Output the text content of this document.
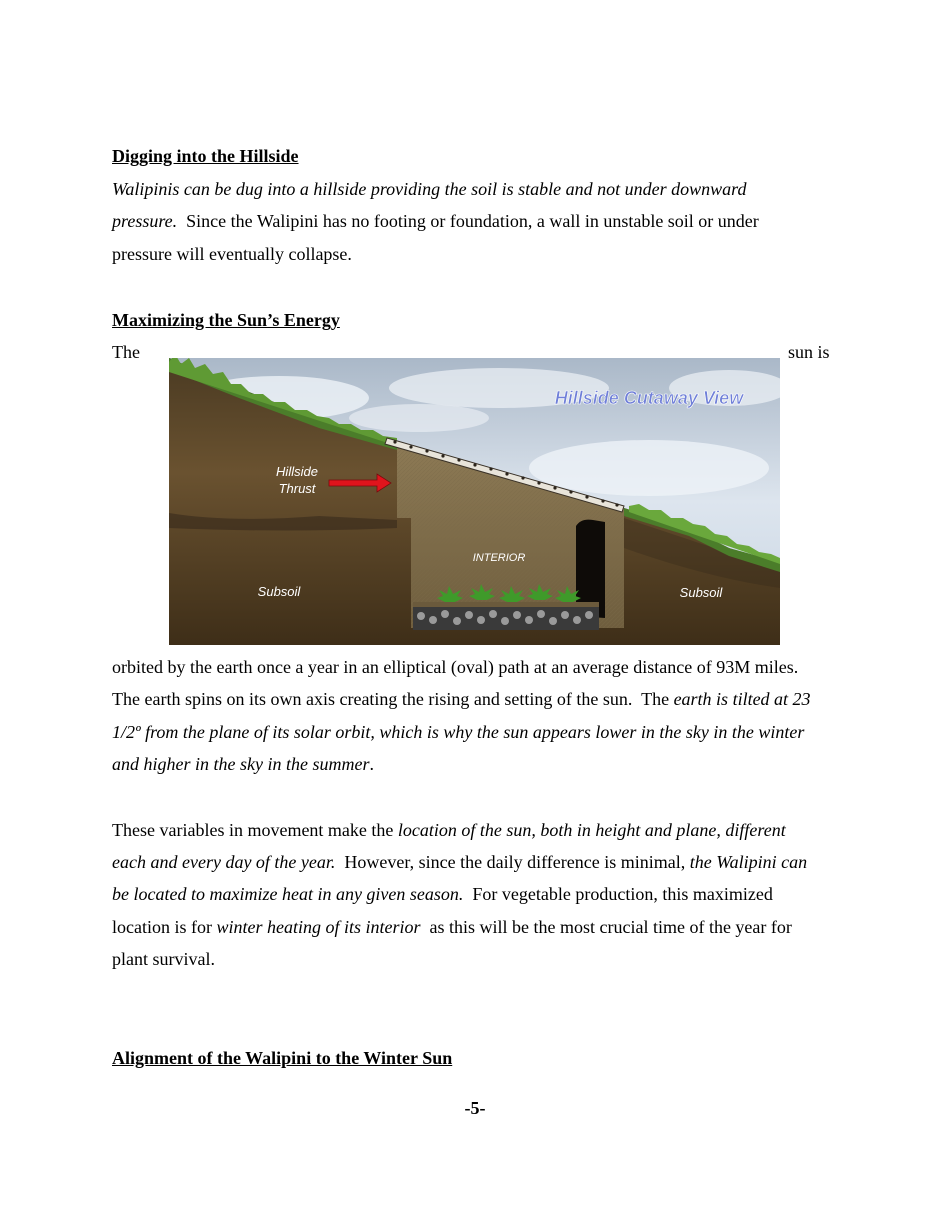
Digging into the Hillside
Walipinis can be dug into a hillside providing the soil is stable and not under downward
pressure.  Since the Walipini has no footing or foundation, a wall in unstable soil or under
pressure will eventually collapse.
Maximizing the Sun’s Energy
The	sun is
Hillside Cutaway View
Hillside
Thrust
INTERIOR
Subsoil	Subsoil
orbited by the earth once a year in an elliptical (oval) path at an average distance of 93M miles.
The earth spins on its own axis creating the rising and setting of the sun.  The earth is tilted at 23
1/2º from the plane of its solar orbit, which is why the sun appears lower in the sky in the winter
and higher in the sky in the summer.
These variables in movement make the location of the sun, both in height and plane, different
each and every day of the year.  However, since the daily difference is minimal, the Walipini can
be located to maximize heat in any given season.  For vegetable production, this maximized
location is for winter heating of its interior  as this will be the most crucial time of the year for
plant survival.
Alignment of the Walipini to the Winter Sun
-5-
